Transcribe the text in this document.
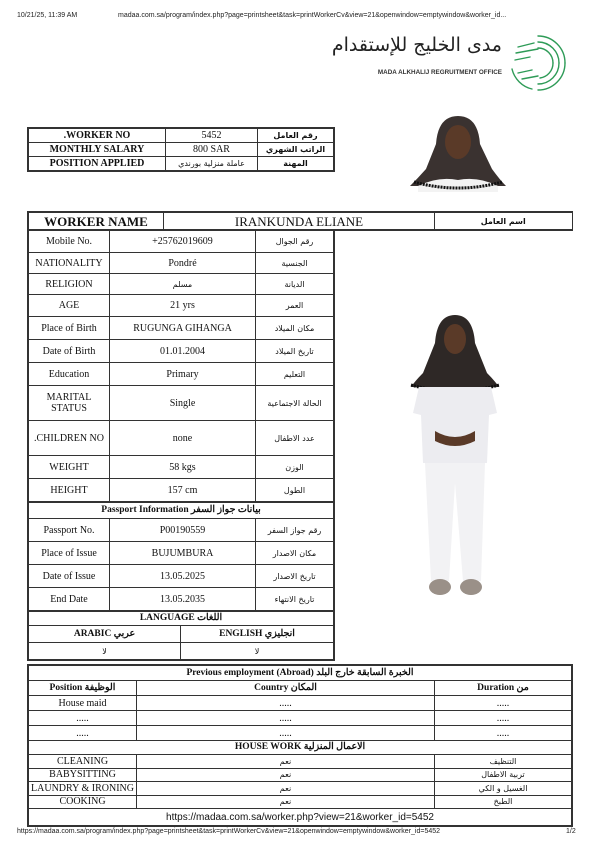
10/21/25, 11:39 AM	madaa.com.sa/program/index.php?page=printsheet&task=printWorkerCv&view=21&openwindow=emptywindow&worker_id...
مدى الخليج للإستقدام
MADA ALKHALIJ REGRUITMENT OFFICE
.WORKER NO	5452	رقم العامل
MONTHLY SALARY	800 SAR	الراتب الشهري
POSITION APPLIED	عاملة منزلية بورندي	المهنة
WORKER NAME	IRANKUNDA ELIANE	اسم العامل
Mobile No.	+25762019609	رقم الجوال
NATIONALITY	Pondré	الجنسية
RELIGION	مسلم	الديانة
AGE	21 yrs	العمر
Place of Birth	RUGUNGA GIHANGA	مكان الميلاد
Date of Birth	01.01.2004	تاريخ الميلاد
Education	Primary	التعليم
MARITAL STATUS	Single	الحالة الاجتماعية
.CHILDREN NO	none	عدد الاطفال
WEIGHT	58 kgs	الوزن
HEIGHT	157 cm	الطول
Passport Information بيانات جواز السفر		
Passport No.	P00190559	رقم جواز السفر
Place of Issue	BUJUMBURA	مكان الاصدار
Date of Issue	13.05.2025	تاريخ الاصدار
End Date	13.05.2035	تاريخ الانتهاء
LANGUAGE اللغات	
ARABIC عربي	ENGLISH انجليزي
لا	لا
Previous employment (Abroad) الخبرة السابقة خارج البلد		
Position الوظيفة	Country المكان	Duration من
House maid	.....	.....
.....	.....	.....
.....	.....	.....
HOUSE WORK الاعمال المنزلية		
CLEANING	نعم	التنظيف
BABYSITTING	نعم	تربية الاطفال
LAUNDRY & IRONING	نعم	الغسيل و الكي
COOKING	نعم	الطبخ
https://madaa.com.sa/worker.php?view=21&worker_id=5452		
https://madaa.com.sa/program/index.php?page=printsheet&task=printWorkerCv&view=21&openwindow=emptywindow&worker_id=5452	1/2
